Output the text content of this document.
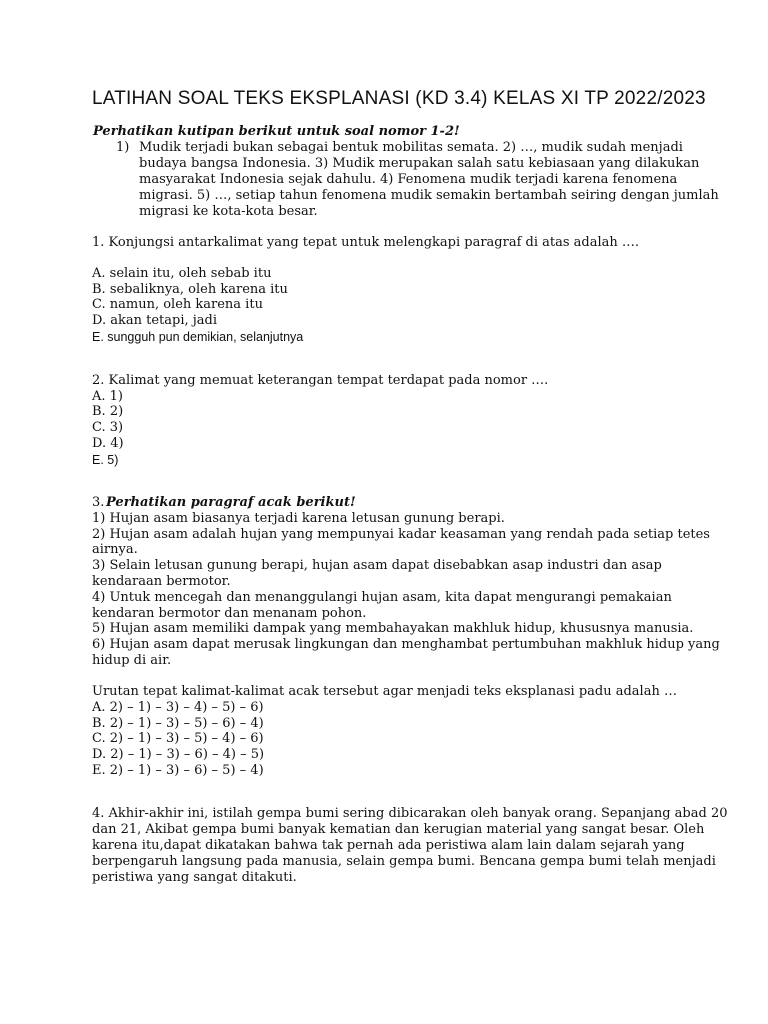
LATIHAN SOAL TEKS EKSPLANASI (KD 3.4) KELAS XI TP 2022/2023
Perhatikan kutipan berikut untuk soal nomor 1-2!
1) Mudik terjadi bukan sebagai bentuk mobilitas semata. 2) …, mudik sudah menjadi
budaya bangsa Indonesia. 3) Mudik merupakan salah satu kebiasaan yang dilakukan
masyarakat Indonesia sejak dahulu. 4) Fenomena mudik terjadi karena fenomena
migrasi. 5) …, setiap tahun fenomena mudik semakin bertambah seiring dengan jumlah
migrasi ke kota-kota besar.
1. Konjungsi antarkalimat yang tepat untuk melengkapi paragraf di atas adalah ….
A. selain itu, oleh sebab itu
B. sebaliknya, oleh karena itu
C. namun, oleh karena itu
D. akan tetapi, jadi
E. sungguh pun demikian, selanjutnya
2. Kalimat yang memuat keterangan tempat terdapat pada nomor ….
A. 1)
B. 2)
C. 3)
D. 4)
E. 5)
3. Perhatikan paragraf acak berikut!
1) Hujan asam biasanya terjadi karena letusan gunung berapi.
2) Hujan asam adalah hujan yang mempunyai kadar keasaman yang rendah pada setiap tetes
airnya.
3) Selain letusan gunung berapi, hujan asam dapat disebabkan asap industri dan asap
kendaraan bermotor.
4) Untuk mencegah dan menanggulangi hujan asam, kita dapat mengurangi pemakaian
kendaran bermotor dan menanam pohon.
5) Hujan asam memiliki dampak yang membahayakan makhluk hidup, khususnya manusia.
6) Hujan asam dapat merusak lingkungan dan menghambat pertumbuhan makhluk hidup yang
hidup di air.
Urutan tepat kalimat-kalimat acak tersebut agar menjadi teks eksplanasi padu adalah …
A. 2) – 1) – 3) – 4) – 5) – 6)
B. 2) – 1) – 3) – 5) – 6) – 4)
C. 2) – 1) – 3) – 5) – 4) – 6)
D. 2) – 1) – 3) – 6) – 4) – 5)
E. 2) – 1) – 3) – 6) – 5) – 4)
4. Akhir-akhir ini, istilah gempa bumi sering dibicarakan oleh banyak orang. Sepanjang abad 20
dan 21, Akibat gempa bumi banyak kematian dan kerugian material yang sangat besar. Oleh
karena itu,dapat dikatakan bahwa tak pernah ada peristiwa alam lain dalam sejarah yang
berpengaruh langsung pada manusia, selain gempa bumi. Bencana gempa bumi telah menjadi
peristiwa yang sangat ditakuti.
